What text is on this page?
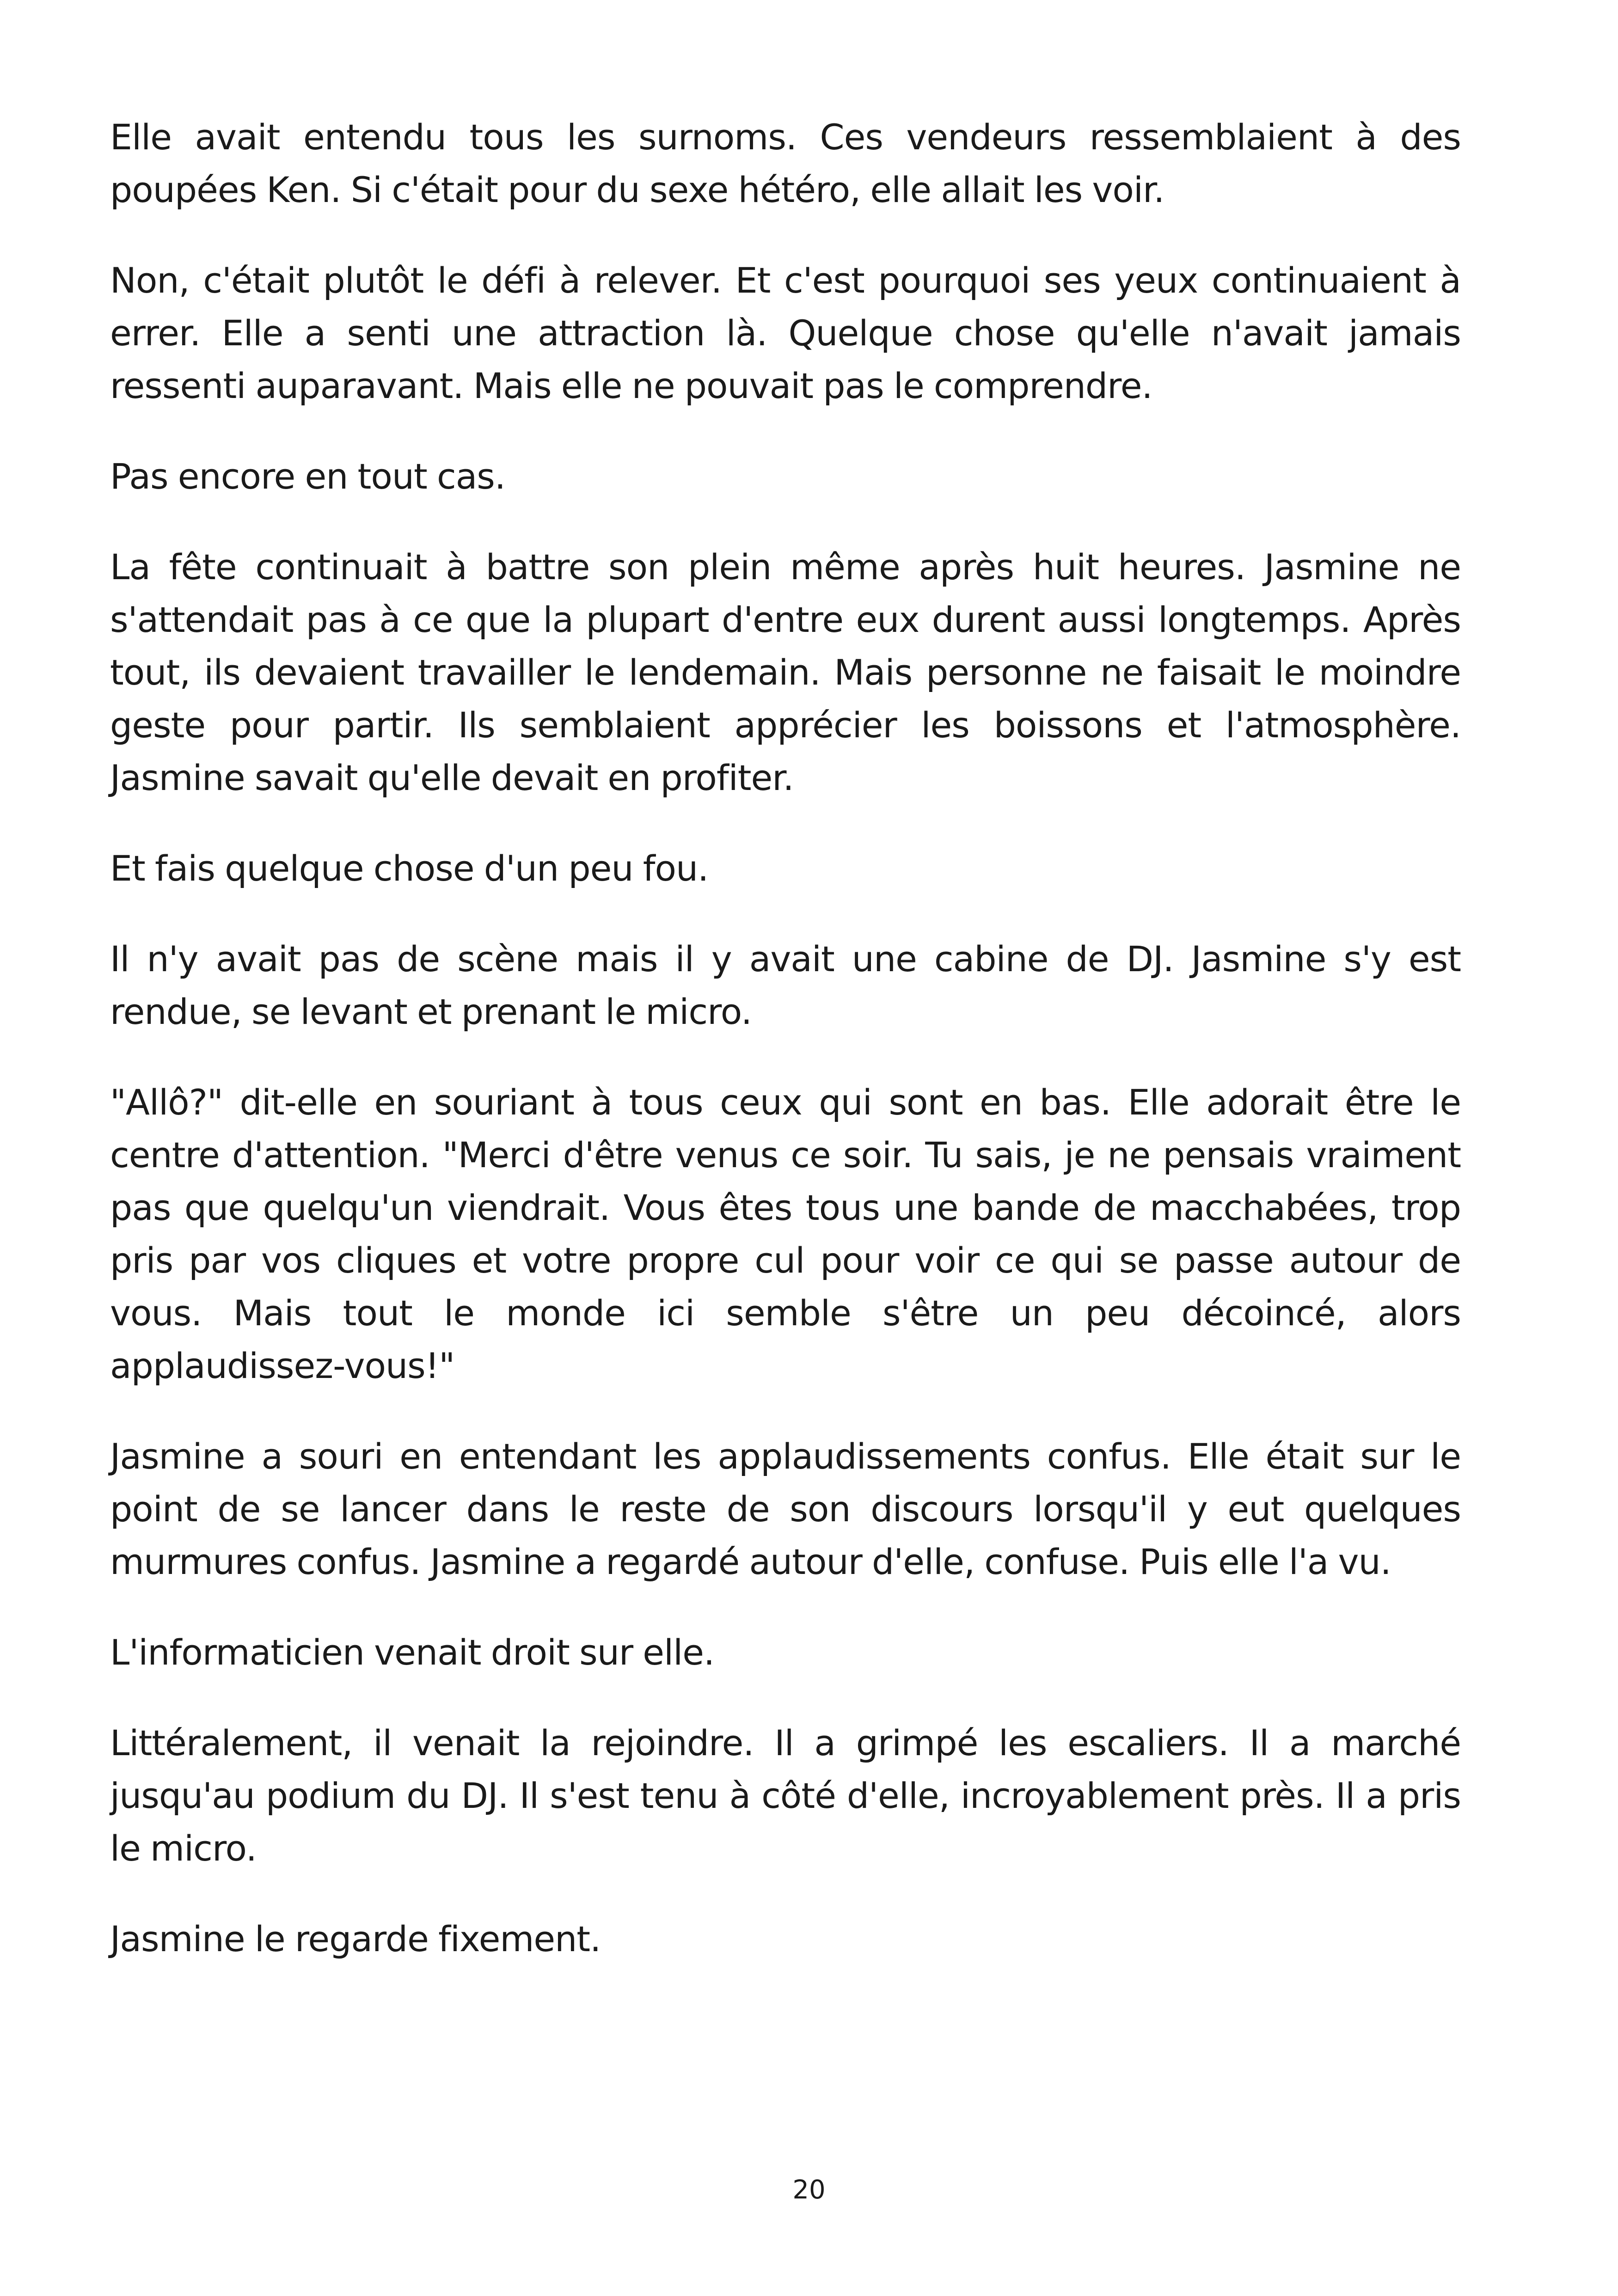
Elle avait entendu tous les surnoms. Ces vendeurs ressemblaient à des poupées Ken. Si c'était pour du sexe hétéro, elle allait les voir.

Non, c'était plutôt le défi à relever. Et c'est pourquoi ses yeux continuaient à errer. Elle a senti une attraction là. Quelque chose qu'elle n'avait jamais ressenti auparavant. Mais elle ne pouvait pas le comprendre.

Pas encore en tout cas.

La fête continuait à battre son plein même après huit heures. Jasmine ne s'attendait pas à ce que la plupart d'entre eux durent aussi longtemps. Après tout, ils devaient travailler le lendemain. Mais personne ne faisait le moindre geste pour partir. Ils semblaient apprécier les boissons et l'atmosphère. Jasmine savait qu'elle devait en profiter.

Et fais quelque chose d'un peu fou.

Il n'y avait pas de scène mais il y avait une cabine de DJ. Jasmine s'y est rendue, se levant et prenant le micro.

"Allô?" dit-elle en souriant à tous ceux qui sont en bas. Elle adorait être le centre d'attention. "Merci d'être venus ce soir. Tu sais, je ne pensais vraiment pas que quelqu'un viendrait. Vous êtes tous une bande de macchabées, trop pris par vos cliques et votre propre cul pour voir ce qui se passe autour de vous. Mais tout le monde ici semble s'être un peu décoincé, alors applaudissez-vous!"

Jasmine a souri en entendant les applaudissements confus. Elle était sur le point de se lancer dans le reste de son discours lorsqu'il y eut quelques murmures confus. Jasmine a regardé autour d'elle, confuse. Puis elle l'a vu.

L'informaticien venait droit sur elle.

Littéralement, il venait la rejoindre. Il a grimpé les escaliers. Il a marché jusqu'au podium du DJ. Il s'est tenu à côté d'elle, incroyablement près. Il a pris le micro.

Jasmine le regarde fixement.

20
